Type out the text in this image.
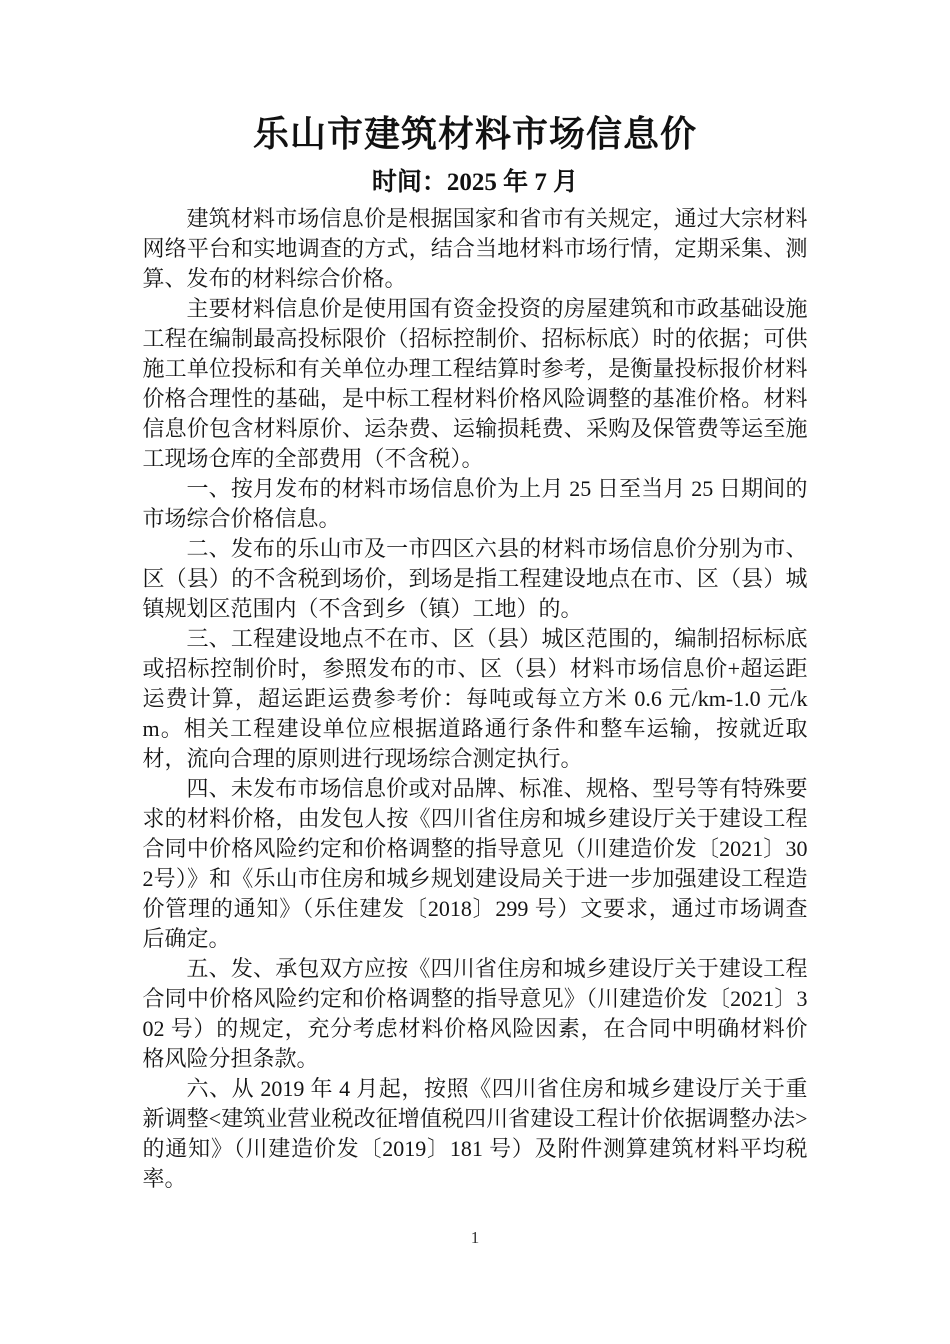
乐山市建筑材料市场信息价
时间：2025 年 7 月

建筑材料市场信息价是根据国家和省市有关规定，通过大宗材料网络平台和实地调查的方式，结合当地材料市场行情，定期采集、测算、发布的材料综合价格。

主要材料信息价是使用国有资金投资的房屋建筑和市政基础设施工程在编制最高投标限价（招标控制价、招标标底）时的依据；可供施工单位投标和有关单位办理工程结算时参考，是衡量投标报价材料价格合理性的基础，是中标工程材料价格风险调整的基准价格。材料信息价包含材料原价、运杂费、运输损耗费、采购及保管费等运至施工现场仓库的全部费用（不含税）。

一、按月发布的材料市场信息价为上月 25 日至当月 25 日期间的市场综合价格信息。

二、发布的乐山市及一市四区六县的材料市场信息价分别为市、区（县）的不含税到场价，到场是指工程建设地点在市、区（县）城镇规划区范围内（不含到乡（镇）工地）的。

三、工程建设地点不在市、区（县）城区范围的，编制招标标底或招标控制价时，参照发布的市、区（县）材料市场信息价+超运距运费计算，超运距运费参考价：每吨或每立方米 0.6 元/km-1.0 元/km。相关工程建设单位应根据道路通行条件和整车运输，按就近取材，流向合理的原则进行现场综合测定执行。

四、未发布市场信息价或对品牌、标准、规格、型号等有特殊要求的材料价格，由发包人按《四川省住房和城乡建设厅关于建设工程合同中价格风险约定和价格调整的指导意见（川建造价发〔2021〕302号）》和《乐山市住房和城乡规划建设局关于进一步加强建设工程造价管理的通知》（乐住建发〔2018〕299 号）文要求，通过市场调查后确定。

五、发、承包双方应按《四川省住房和城乡建设厅关于建设工程合同中价格风险约定和价格调整的指导意见》（川建造价发〔2021〕302 号）的规定，充分考虑材料价格风险因素，在合同中明确材料价格风险分担条款。

六、从 2019 年 4 月起，按照《四川省住房和城乡建设厅关于重新调整<建筑业营业税改征增值税四川省建设工程计价依据调整办法>的通知》（川建造价发〔2019〕181 号）及附件测算建筑材料平均税率。

1
